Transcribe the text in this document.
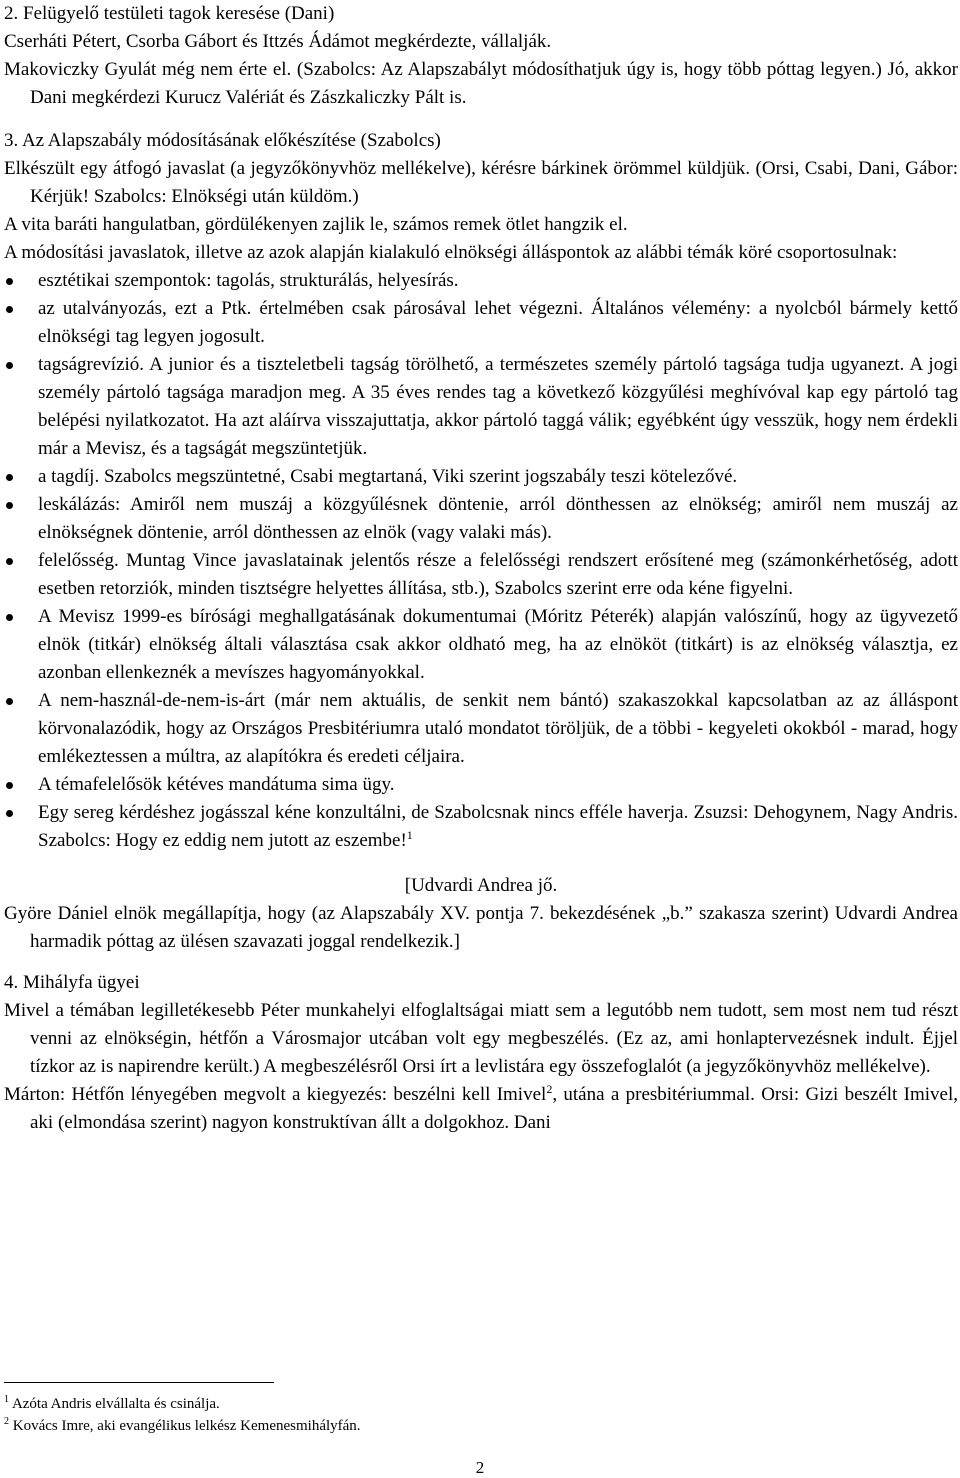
2. Felügyelő testületi tagok keresése (Dani)

Cserháti Pétert, Csorba Gábort és Ittzés Ádámot megkérdezte, vállalják.

Makoviczky Gyulát még nem érte el. (Szabolcs: Az Alapszabályt módosíthatjuk úgy is, hogy több póttag legyen.) Jó, akkor Dani megkérdezi Kurucz Valériát és Zászkaliczky Pált is.

3. Az Alapszabály módosításának előkészítése (Szabolcs)

Elkészült egy átfogó javaslat (a jegyzőkönyvhöz mellékelve), kérésre bárkinek örömmel küldjük. (Orsi, Csabi, Dani, Gábor: Kérjük! Szabolcs: Elnökségi után küldöm.)

A vita baráti hangulatban, gördülékenyen zajlik le, számos remek ötlet hangzik el.

A módosítási javaslatok, illetve az azok alapján kialakuló elnökségi álláspontok az alábbi témák köré csoportosulnak:

esztétikai szempontok: tagolás, strukturálás, helyesírás.
az utalványozás, ezt a Ptk. értelmében csak párosával lehet végezni. Általános vélemény: a nyolcból bármely kettő elnökségi tag legyen jogosult.
tagságrevízió. A junior és a tiszteletbeli tagság törölhető, a természetes személy pártoló tagsága tudja ugyanezt. A jogi személy pártoló tagsága maradjon meg. A 35 éves rendes tag a következő közgyűlési meghívóval kap egy pártoló tag belépési nyilatkozatot. Ha azt aláírva visszajuttatja, akkor pártoló taggá válik; egyébként úgy vesszük, hogy nem érdekli már a Mevisz, és a tagságát megszüntetjük.
a tagdíj. Szabolcs megszüntetné, Csabi megtartaná, Viki szerint jogszabály teszi kötelezővé.
leskálázás: Amiről nem muszáj a közgyűlésnek döntenie, arról dönthessen az elnökség; amiről nem muszáj az elnökségnek döntenie, arról dönthessen az elnök (vagy valaki más).
felelősség. Muntag Vince javaslatainak jelentős része a felelősségi rendszert erősítené meg (számonkérhetőség, adott esetben retorziók, minden tisztségre helyettes állítása, stb.), Szabolcs szerint erre oda kéne figyelni.
A Mevisz 1999-es bírósági meghallgatásának dokumentumai (Móritz Péterék) alapján valószínű, hogy az ügyvezető elnök (titkár) elnökség általi választása csak akkor oldható meg, ha az elnököt (titkárt) is az elnökség választja, ez azonban ellenkeznék a mevíszes hagyományokkal.
A nem-használ-de-nem-is-árt (már nem aktuális, de senkit nem bántó) szakaszokkal kapcsolatban az az álláspont körvonalazódik, hogy az Országos Presbitériumra utaló mondatot töröljük, de a többi - kegyeleti okokból - marad, hogy emlékeztessen a múltra, az alapítókra és eredeti céljaira.
A témafelelősök kétéves mandátuma sima ügy.
Egy sereg kérdéshez jogásszal kéne konzultálni, de Szabolcsnak nincs efféle haverja. Zsuzsi: Dehogynem, Nagy Andris. Szabolcs: Hogy ez eddig nem jutott az eszembe!$^1$

[Udvardi Andrea jő.

Györe Dániel elnök megállapítja, hogy (az Alapszabály XV. pontja 7. bekezdésének „b.” szakasza szerint) Udvardi Andrea harmadik póttag az ülésen szavazati joggal rendelkezik.]

4. Mihályfa ügyei

Mivel a témában legilletékesebb Péter munkahelyi elfoglaltságai miatt sem a legutóbb nem tudott, sem most nem tud részt venni az elnökségin, hétfőn a Városmajor utcában volt egy megbeszélés. (Ez az, ami honlaptervezésnek indult. Éjjel tízkor az is napirendre került.) A megbeszélésről Orsi írt a levlistára egy összefoglalót (a jegyzőkönyvhöz mellékelve).

Márton: Hétfőn lényegében megvolt a kiegyezés: beszélni kell Imivel$^2$, utána a presbitériummal. Orsi: Gizi beszélt Imivel, aki (elmondása szerint) nagyon konstruktívan állt a dolgokhoz. Dani

$^1$ Azóta Andris elvállalta és csinálja.
$^2$ Kovács Imre, aki evangélikus lelkész Kemenesmihályfán.
2
